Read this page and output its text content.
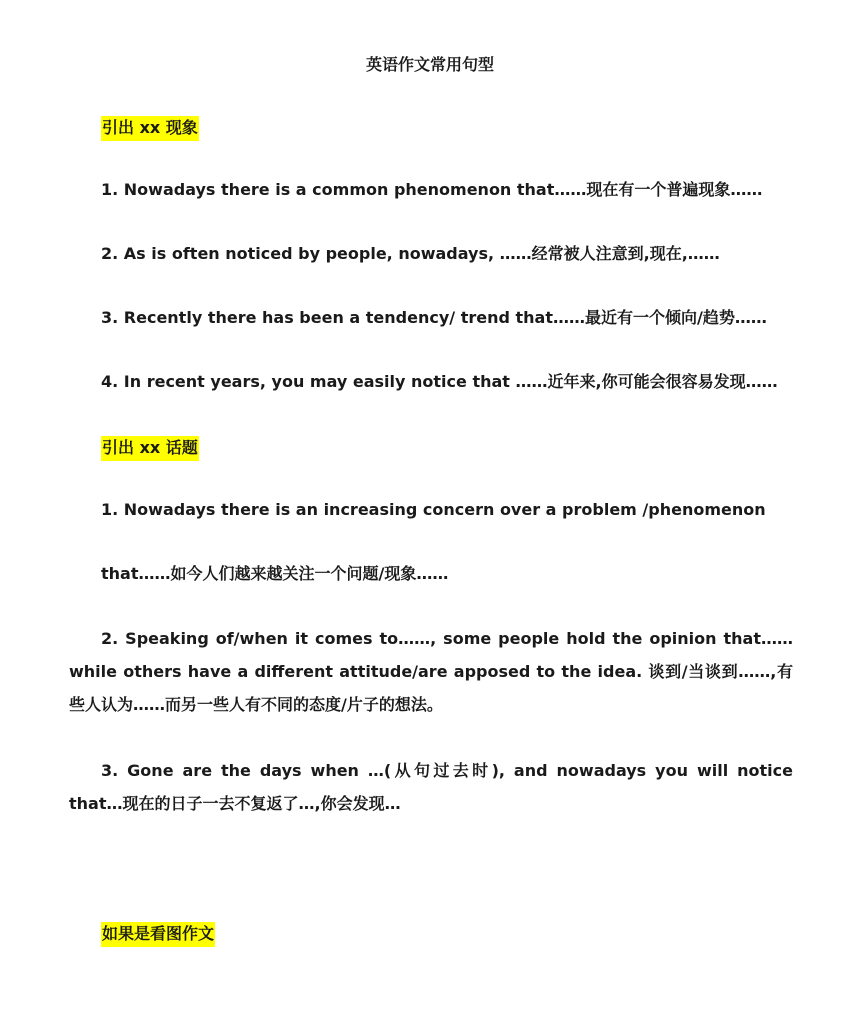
英语作文常用句型
引出 xx 现象
1. Nowadays there is a common phenomenon that……现在有一个普遍现象……
2. As is often noticed by people, nowadays, ……经常被人注意到,现在,……
3. Recently there has been a tendency/ trend that……最近有一个倾向/趋势……
4. In recent years, you may easily notice that ……近年来,你可能会很容易发现……
引出 xx 话题
1. Nowadays there is an increasing concern over a problem /phenomenon
that……如今人们越来越关注一个问题/现象……
2. Speaking of/when it comes to……, some people hold the opinion that……while others have a different attitude/are apposed to the idea. 谈到/当谈到……,有些人认为……而另一些人有不同的态度/片子的想法。
3. Gone are the days when …(从句过去时), and nowadays you will notice that…现在的日子一去不复返了…,你会发现…
如果是看图作文
